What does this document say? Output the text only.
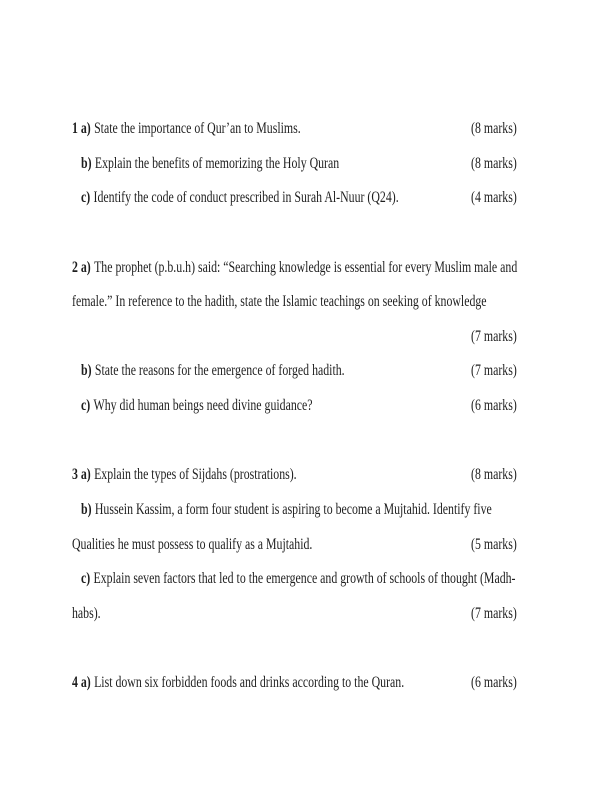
1 a) State the importance of Qur’an to Muslims.	(8 marks)
b) Explain the benefits of memorizing the Holy Quran	(8 marks)
c) Identify the code of conduct prescribed in Surah Al-Nuur (Q24).	(4 marks)
2 a) The prophet (p.b.u.h) said: “Searching knowledge is essential for every Muslim male and
female.” In reference to the hadith, state the Islamic teachings on seeking of knowledge
(7 marks)
b) State the reasons for the emergence of forged hadith.	(7 marks)
c) Why did human beings need divine guidance?	(6 marks)
3 a) Explain the types of Sijdahs (prostrations).	(8 marks)
b) Hussein Kassim, a form four student is aspiring to become a Mujtahid. Identify five
Qualities he must possess to qualify as a Mujtahid.	(5 marks)
c) Explain seven factors that led to the emergence and growth of schools of thought (Madh-
habs).	(7 marks)
4 a) List down six forbidden foods and drinks according to the Quran.	(6 marks)
